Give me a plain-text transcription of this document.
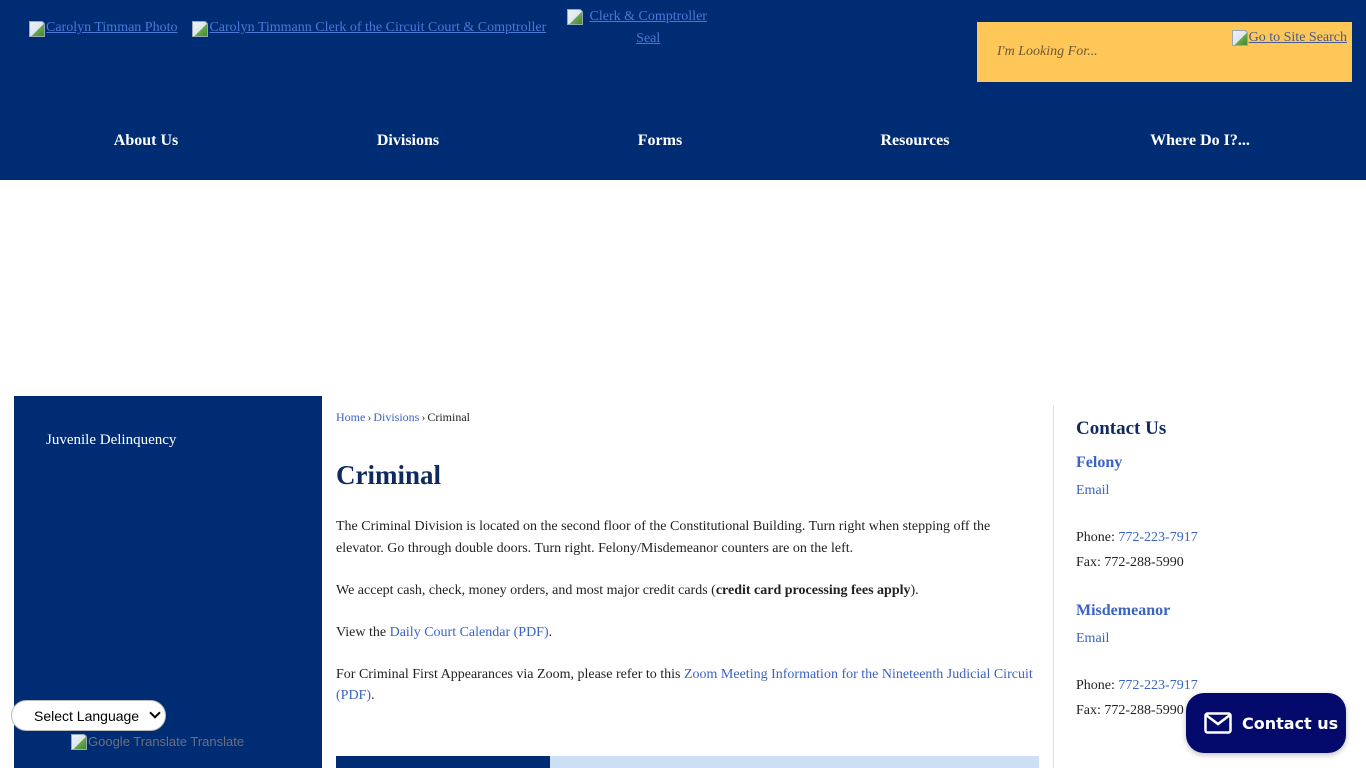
Carolyn Timman Photo Carolyn Timmann Clerk of the Circuit Court & Comptroller
Clerk & Comptroller Seal
I'm Looking For...	Go to Site Search
About Us	Divisions	Forms	Resources	Where Do I?...
Juvenile Delinquency
Select Language
Google Translate Translate
Home › Divisions › Criminal
Criminal

The Criminal Division is located on the second floor of the Constitutional Building. Turn right when stepping off the elevator. Go through double doors. Turn right. Felony/Misdemeanor counters are on the left.

We accept cash, check, money orders, and most major credit cards (credit card processing fees apply).

View the Daily Court Calendar (PDF).

For Criminal First Appearances via Zoom, please refer to this Zoom Meeting Information for the Nineteenth Judicial Circuit (PDF).

Contact Us
Felony
Email
Phone: 772-223-7917
Fax: 772-288-5990
Misdemeanor
Email
Phone: 772-223-7917
Fax: 772-288-5990
Contact us
